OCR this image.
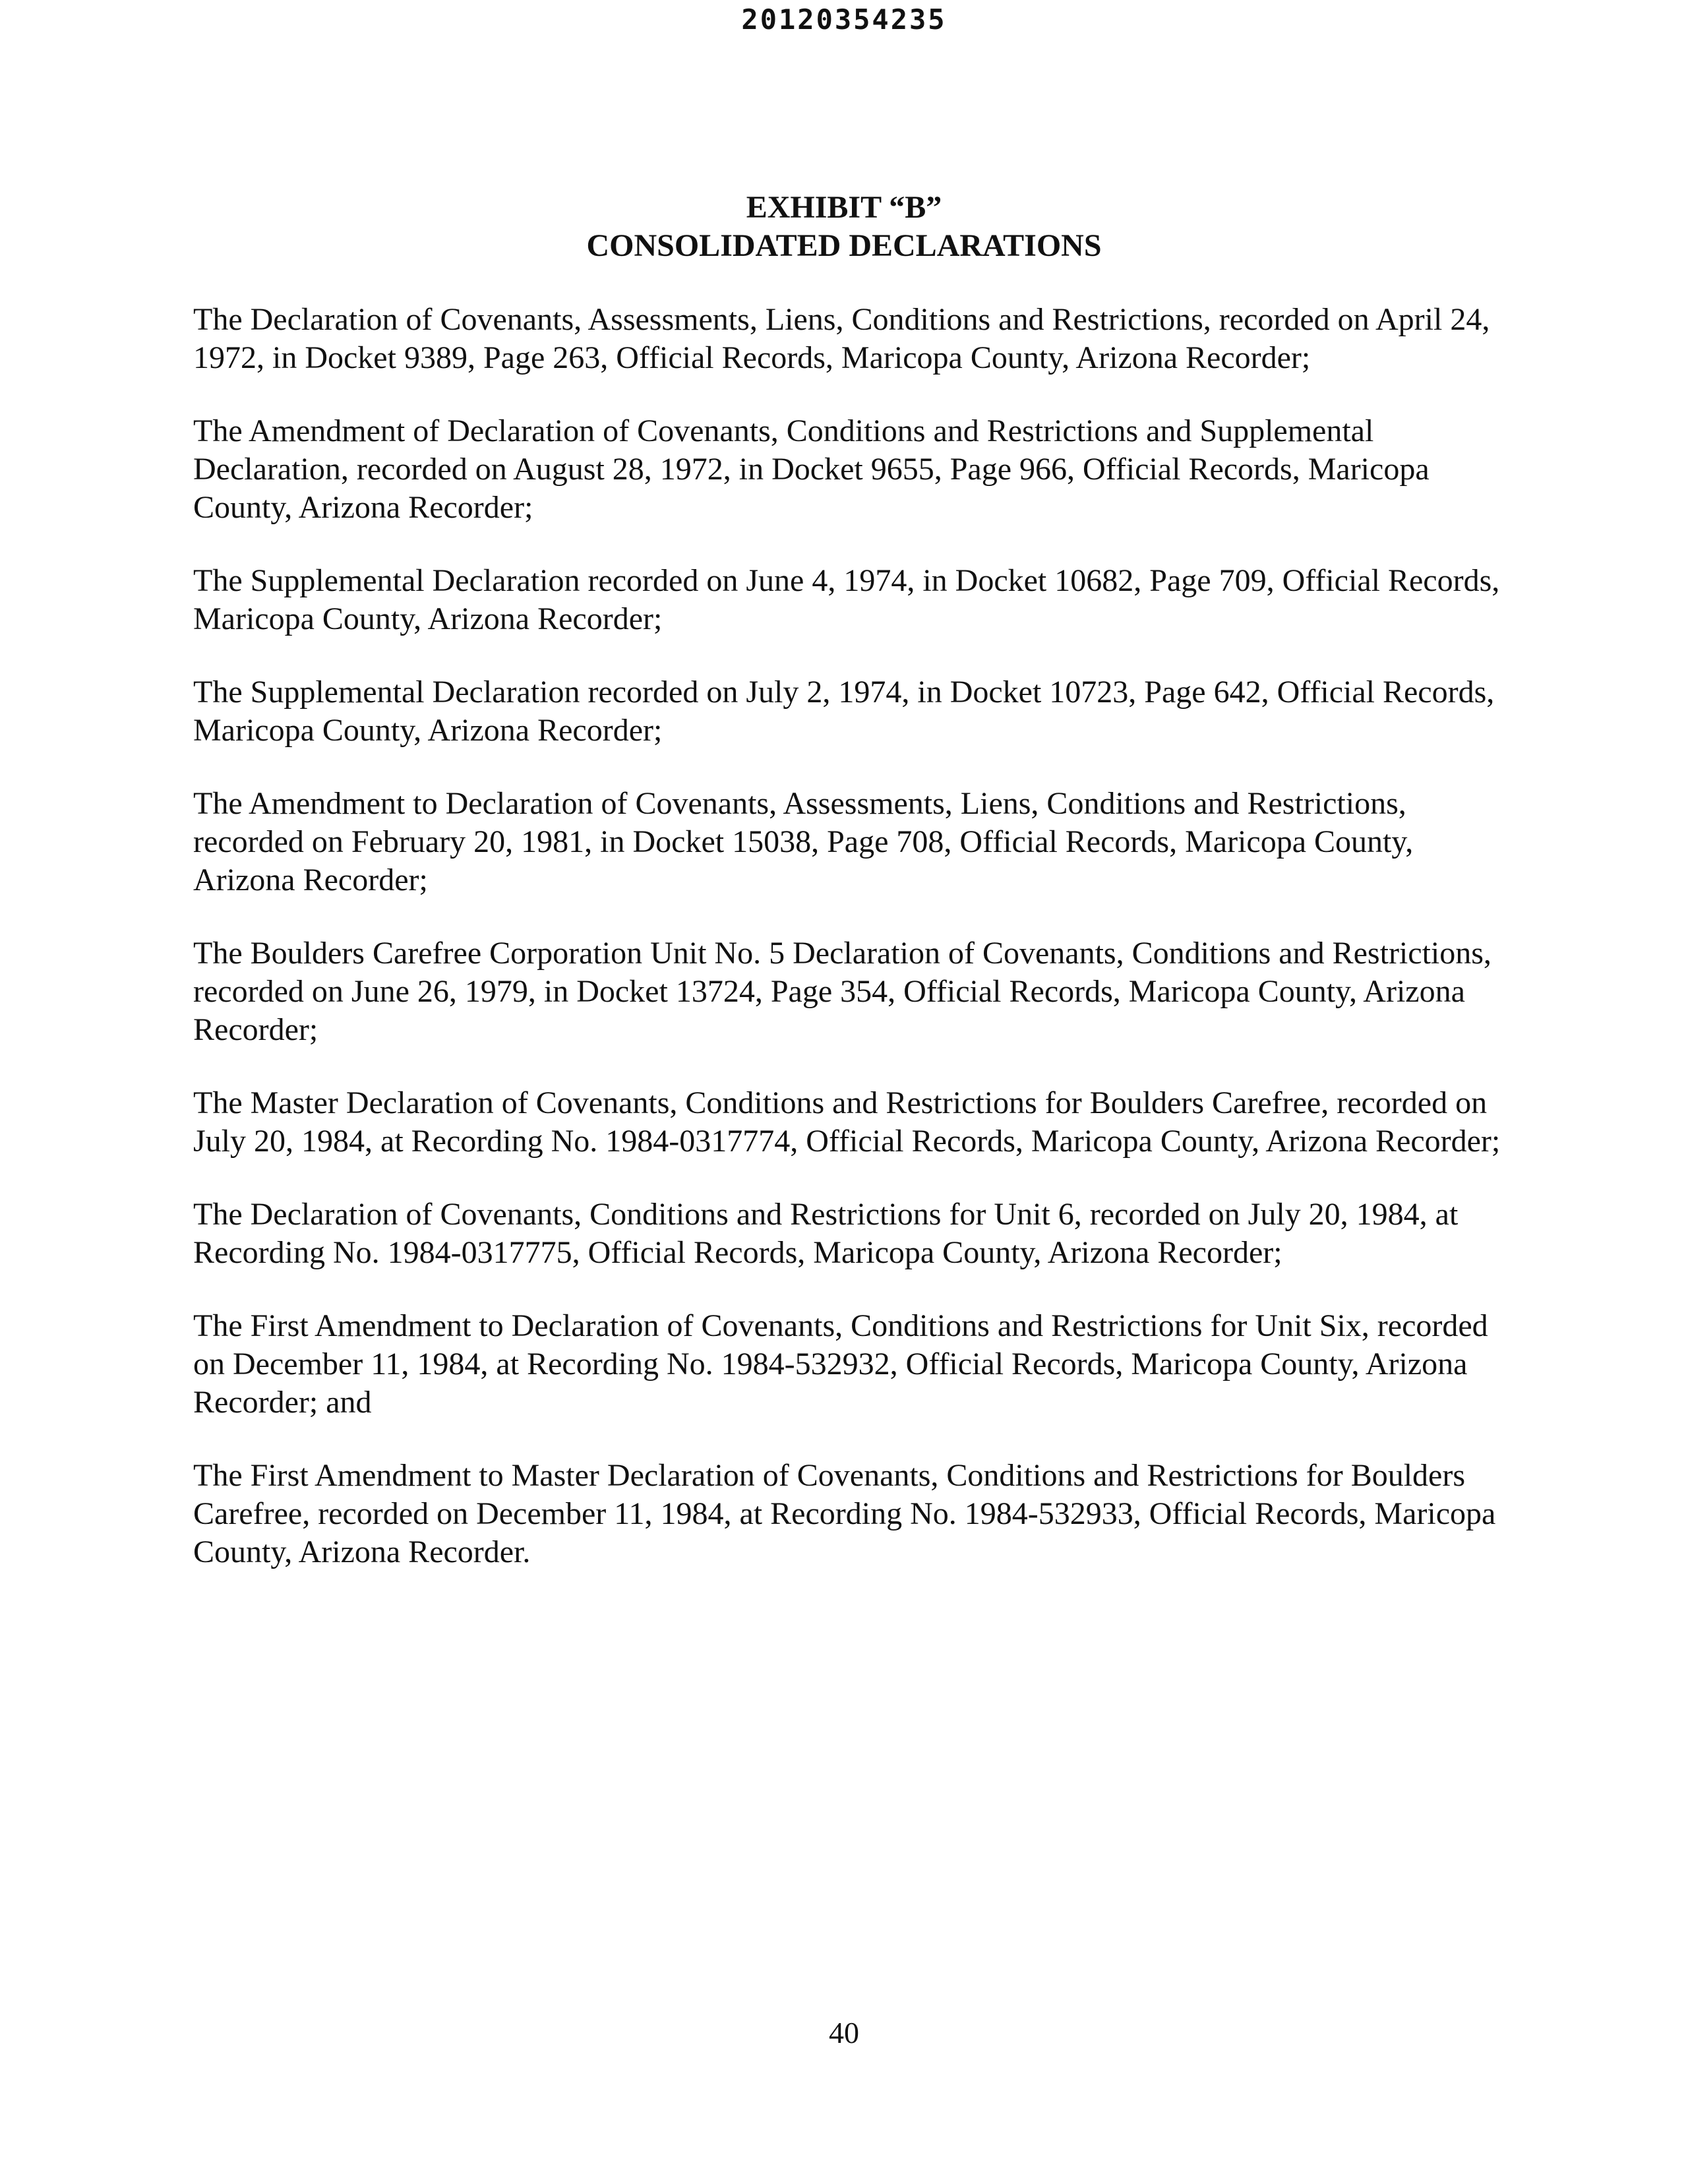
20120354235
EXHIBIT “B”
CONSOLIDATED DECLARATIONS

The Declaration of Covenants, Assessments, Liens, Conditions and Restrictions, recorded on April 24, 1972, in Docket 9389, Page 263, Official Records, Maricopa County, Arizona Recorder;

The Amendment of Declaration of Covenants, Conditions and Restrictions and Supplemental Declaration, recorded on August 28, 1972, in Docket 9655, Page 966, Official Records, Maricopa County, Arizona Recorder;

The Supplemental Declaration recorded on June 4, 1974, in Docket 10682, Page 709, Official Records, Maricopa County, Arizona Recorder;

The Supplemental Declaration recorded on July 2, 1974, in Docket 10723, Page 642, Official Records, Maricopa County, Arizona Recorder;

The Amendment to Declaration of Covenants, Assessments, Liens, Conditions and Restrictions, recorded on February 20, 1981, in Docket 15038, Page 708, Official Records, Maricopa County, Arizona Recorder;

The Boulders Carefree Corporation Unit No. 5 Declaration of Covenants, Conditions and Restrictions, recorded on June 26, 1979, in Docket 13724, Page 354, Official Records, Maricopa County, Arizona Recorder;

The Master Declaration of Covenants, Conditions and Restrictions for Boulders Carefree, recorded on July 20, 1984, at Recording No. 1984-0317774, Official Records, Maricopa County, Arizona Recorder;

The Declaration of Covenants, Conditions and Restrictions for Unit 6, recorded on July 20, 1984, at Recording No. 1984-0317775, Official Records, Maricopa County, Arizona Recorder;

The First Amendment to Declaration of Covenants, Conditions and Restrictions for Unit Six, recorded on December 11, 1984, at Recording No. 1984-532932, Official Records, Maricopa County, Arizona Recorder; and

The First Amendment to Master Declaration of Covenants, Conditions and Restrictions for Boulders Carefree, recorded on December 11, 1984, at Recording No. 1984-532933, Official Records, Maricopa County, Arizona Recorder.

40
